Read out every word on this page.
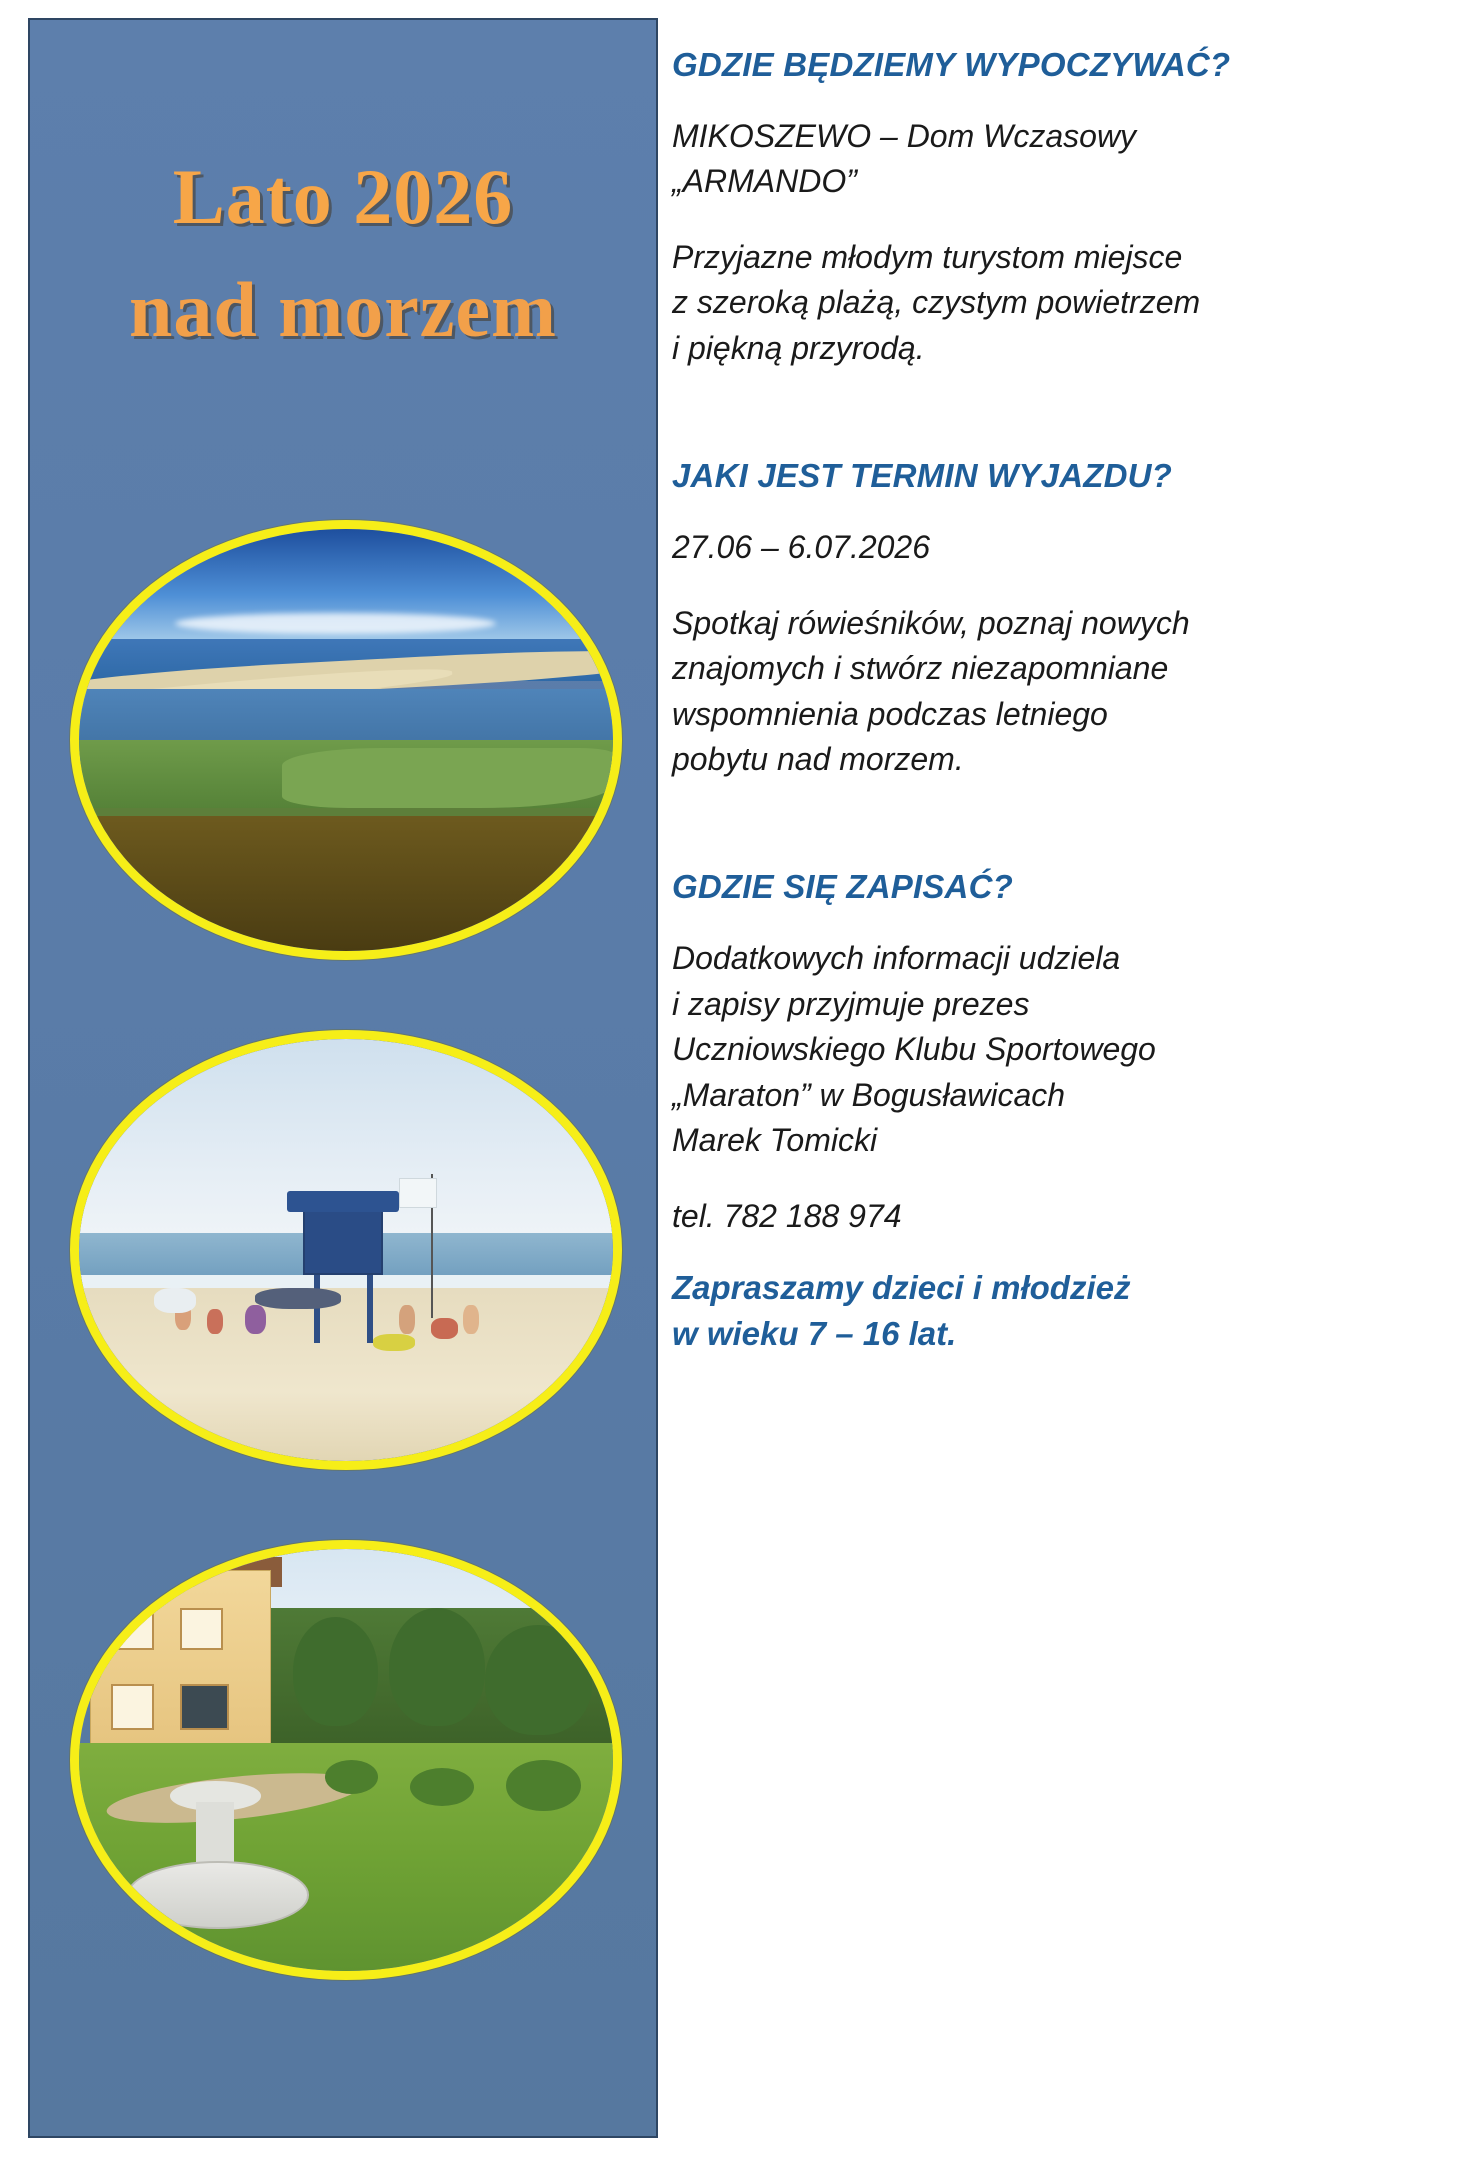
Lato 2026
nad morzem
GDZIE BĘDZIEMY WYPOCZYWAĆ?

MIKOSZEWO – Dom Wczasowy
„ARMANDO”

Przyjazne młodym turystom miejsce
z szeroką plażą, czystym powietrzem
i piękną przyrodą.

JAKI JEST TERMIN WYJAZDU?

27.06 – 6.07.2026

Spotkaj rówieśników, poznaj nowych
znajomych i stwórz niezapomniane
wspomnienia podczas letniego
pobytu nad morzem.

GDZIE SIĘ ZAPISAĆ?

Dodatkowych informacji udziela
i zapisy przyjmuje prezes
Uczniowskiego Klubu Sportowego
„Maraton” w Bogusławicach
Marek Tomicki

tel. 782 188 974

Zapraszamy dzieci i młodzież
w wieku 7 – 16 lat.
